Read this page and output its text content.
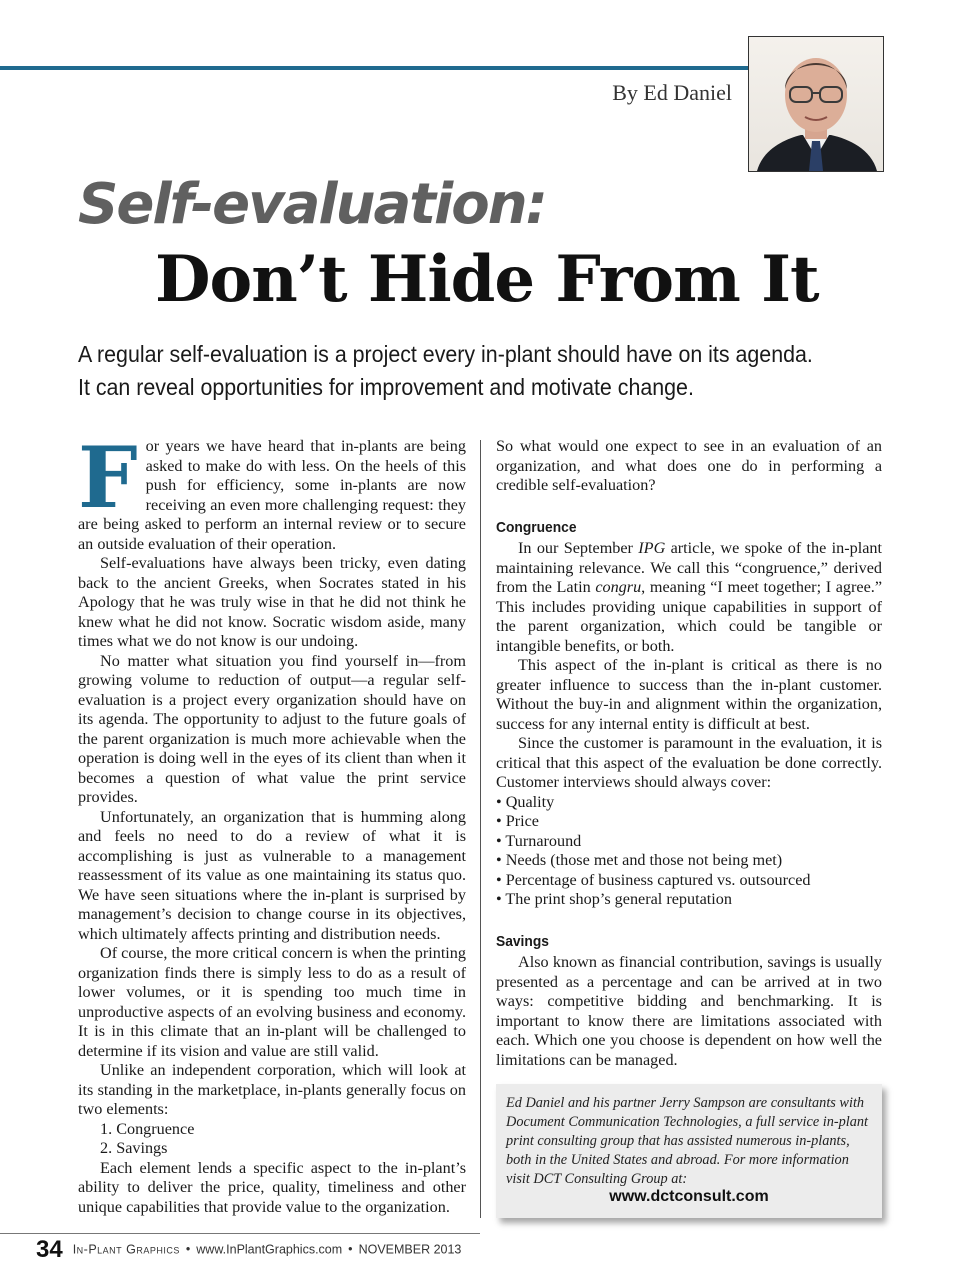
By Ed Daniel
Self-evaluation:
Don’t Hide From It

A regular self-evaluation is a project every in-plant should have on its agenda.

It can reveal opportunities for improvement and motivate change.

For years we have heard that in-plants are being asked to make do with less. On the heels of this push for efficiency, some in-plants are now receiving an even more challenging request: they are being asked to perform an internal review or to secure an outside evaluation of their operation.

Self-evaluations have always been tricky, even dating back to the ancient Greeks, when Socrates stated in his Apology that he was truly wise in that he did not think he knew what he did not know. Socratic wisdom aside, many times what we do not know is our undoing.

No matter what situation you find yourself in—from growing volume to reduction of output—a regular self-evaluation is a project every organization should have on its agenda. The opportunity to adjust to the future goals of the parent organization is much more achievable when the operation is doing well in the eyes of its client than when it becomes a question of what value the print service provides.

Unfortunately, an organization that is humming along and feels no need to do a review of what it is accomplishing is just as vulnerable to a management reassessment of its value as one maintaining its status quo. We have seen situations where the in-plant is surprised by management’s decision to change course in its objectives, which ultimately affects printing and distribution needs.

Of course, the more critical concern is when the printing organization finds there is simply less to do as a result of lower volumes, or it is spending too much time in unproductive aspects of an evolving business and economy. It is in this climate that an in-plant will be challenged to determine if its vision and value are still valid.

Unlike an independent corporation, which will look at its standing in the marketplace, in-plants generally focus on two elements:

1. Congruence

2. Savings

Each element lends a specific aspect to the in-plant’s ability to deliver the price, quality, timeliness and other unique capabilities that provide value to the organization.

So what would one expect to see in an evaluation of an organization, and what does one do in performing a credible self-evaluation?

Congruence

In our September IPG article, we spoke of the in-plant maintaining relevance. We call this “congruence,” derived from the Latin congru, meaning “I meet together; I agree.” This includes providing unique capabilities in support of the parent organization, which could be tangible or intangible benefits, or both.

This aspect of the in-plant is critical as there is no greater influence to success than the in-plant customer. Without the buy-in and alignment within the organization, success for any internal entity is difficult at best.

Since the customer is paramount in the evaluation, it is critical that this aspect of the evaluation be done correctly. Customer interviews should always cover:

• Quality

• Price

• Turnaround

• Needs (those met and those not being met)

• Percentage of business captured vs. outsourced

• The print shop’s general reputation

Savings

Also known as financial contribution, savings is usually presented as a percentage and can be arrived at in two ways: competitive bidding and benchmarking. It is important to know there are limitations associated with each. Which one you choose is dependent on how well the limitations can be managed.

Ed Daniel and his partner Jerry Sampson are consultants with Document Communication Technologies, a full service in-plant print consulting group that has assisted numerous in-plants, both in the United States and abroad. For more information visit DCT Consulting Group at:
www.dctconsult.com
34 In-Plant Graphics • www.InPlantGraphics.com • NOVEMBER 2013
